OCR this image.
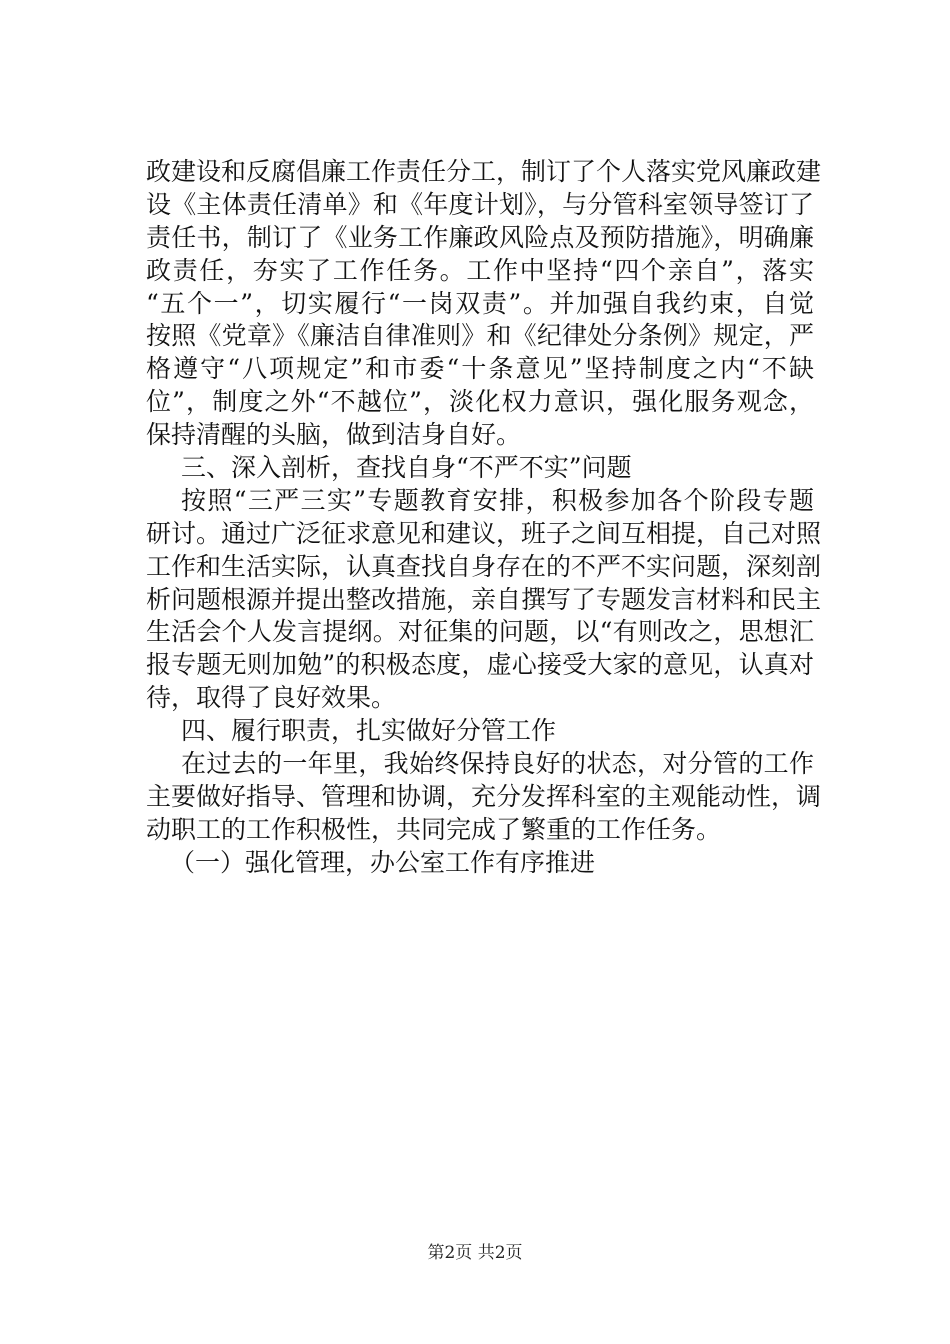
政建设和反腐倡廉工作责任分工，制订了个人落实党风廉政建
设《主体责任清单》和《年度计划》，与分管科室领导签订了
责任书，制订了《业务工作廉政风险点及预防措施》，明确廉
政责任，夯实了工作任务。工作中坚持“四个亲自”，落实
“五个一”，切实履行“一岗双责”。并加强自我约束，自觉
按照《党章》《廉洁自律准则》和《纪律处分条例》规定，严
格遵守“八项规定”和市委“十条意见”坚持制度之内“不缺
位”，制度之外“不越位”，淡化权力意识，强化服务观念，
保持清醒的头脑，做到洁身自好。
三、深入剖析，查找自身“不严不实”问题
按照“三严三实”专题教育安排，积极参加各个阶段专题
研讨。通过广泛征求意见和建议，班子之间互相提，自己对照
工作和生活实际，认真查找自身存在的不严不实问题，深刻剖
析问题根源并提出整改措施，亲自撰写了专题发言材料和民主
生活会个人发言提纲。对征集的问题，以“有则改之，思想汇
报专题无则加勉”的积极态度，虚心接受大家的意见，认真对
待，取得了良好效果。
四、履行职责，扎实做好分管工作
在过去的一年里，我始终保持良好的状态，对分管的工作
主要做好指导、管理和协调，充分发挥科室的主观能动性，调
动职工的工作积极性，共同完成了繁重的工作任务。
（一）强化管理，办公室工作有序推进
第2页 共2页
